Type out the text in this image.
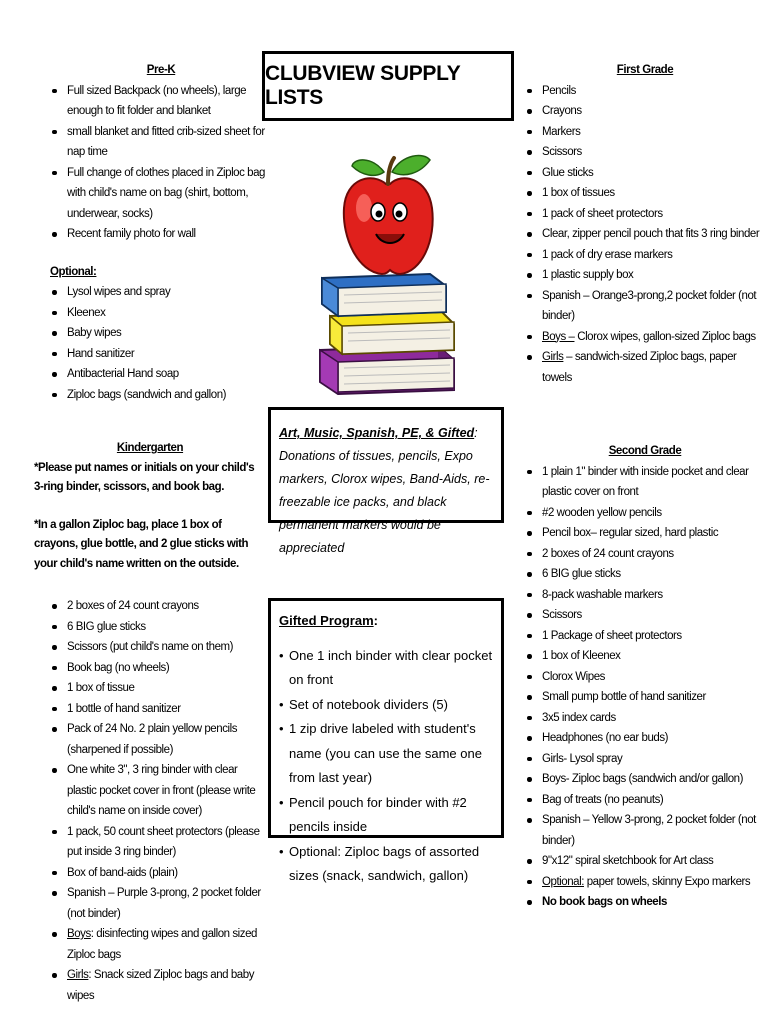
Pre-K

Full sized Backpack (no wheels), large enough to fit folder and blanket
small blanket and fitted crib-sized sheet for nap time
Full change of clothes placed in Ziploc bag with child's name on bag (shirt, bottom, underwear, socks)
Recent family photo for wall

Optional:

Lysol wipes and spray
Kleenex
Baby wipes
Hand sanitizer
Antibacterial Hand soap
Ziploc bags (sandwich and gallon)
CLUBVIEW SUPPLY LISTS

First Grade

Pencils
Crayons
Markers
Scissors
Glue sticks
1 box of tissues
1 pack of sheet protectors
Clear, zipper pencil pouch that fits 3 ring binder
1 pack of dry erase markers
1 plastic supply box
Spanish – Orange3-prong,2 pocket folder (not binder)
Boys – Clorox wipes, gallon-sized Ziploc bags
Girls – sandwich-sized Ziploc bags, paper towels

Kindergarten

*Please put names or initials on your child's 3-ring binder, scissors, and book bag.

*In a gallon Ziploc bag, place 1 box of crayons, glue bottle, and 2 glue sticks with your child's name written on the outside.

2 boxes of 24 count crayons
6 BIG glue sticks
Scissors (put child's name on them)
Book bag (no wheels)
1 box of tissue
1 bottle of hand sanitizer
Pack of 24 No. 2 plain yellow pencils (sharpened if possible)
One white 3", 3 ring binder with clear plastic pocket cover in front (please write child's name on inside cover)
1 pack, 50 count sheet protectors (please put inside 3 ring binder)
Box of band-aids (plain)
Spanish – Purple 3-prong, 2 pocket folder (not binder)
Boys: disinfecting wipes and gallon sized Ziploc bags
Girls: Snack sized Ziploc bags and baby wipes
Art, Music, Spanish, PE, & Gifted: Donations of tissues, pencils, Expo markers, Clorox wipes, Band-Aids, re-freezable ice packs, and black permanent markers would be appreciated
Gifted Program:
• One 1 inch binder with clear pocket on front
• Set of notebook dividers (5)
• 1 zip drive labeled with student's name (you can use the same one from last year)
• Pencil pouch for binder with #2 pencils inside
• Optional: Ziploc bags of assorted sizes (snack, sandwich, gallon)

Second Grade

1 plain 1" binder with inside pocket and clear plastic cover on front
#2 wooden yellow pencils
Pencil box– regular sized, hard plastic
2 boxes of 24 count crayons
6 BIG glue sticks
8-pack washable markers
Scissors
1 Package of sheet protectors
1 box of Kleenex
Clorox Wipes
Small pump bottle of hand sanitizer
3x5 index cards
Headphones (no ear buds)
Girls- Lysol spray
Boys- Ziploc bags (sandwich and/or gallon)
Bag of treats (no peanuts)
Spanish – Yellow 3-prong, 2 pocket folder (not binder)
9"x12" spiral sketchbook for Art class
Optional: paper towels, skinny Expo markers
No book bags on wheels
